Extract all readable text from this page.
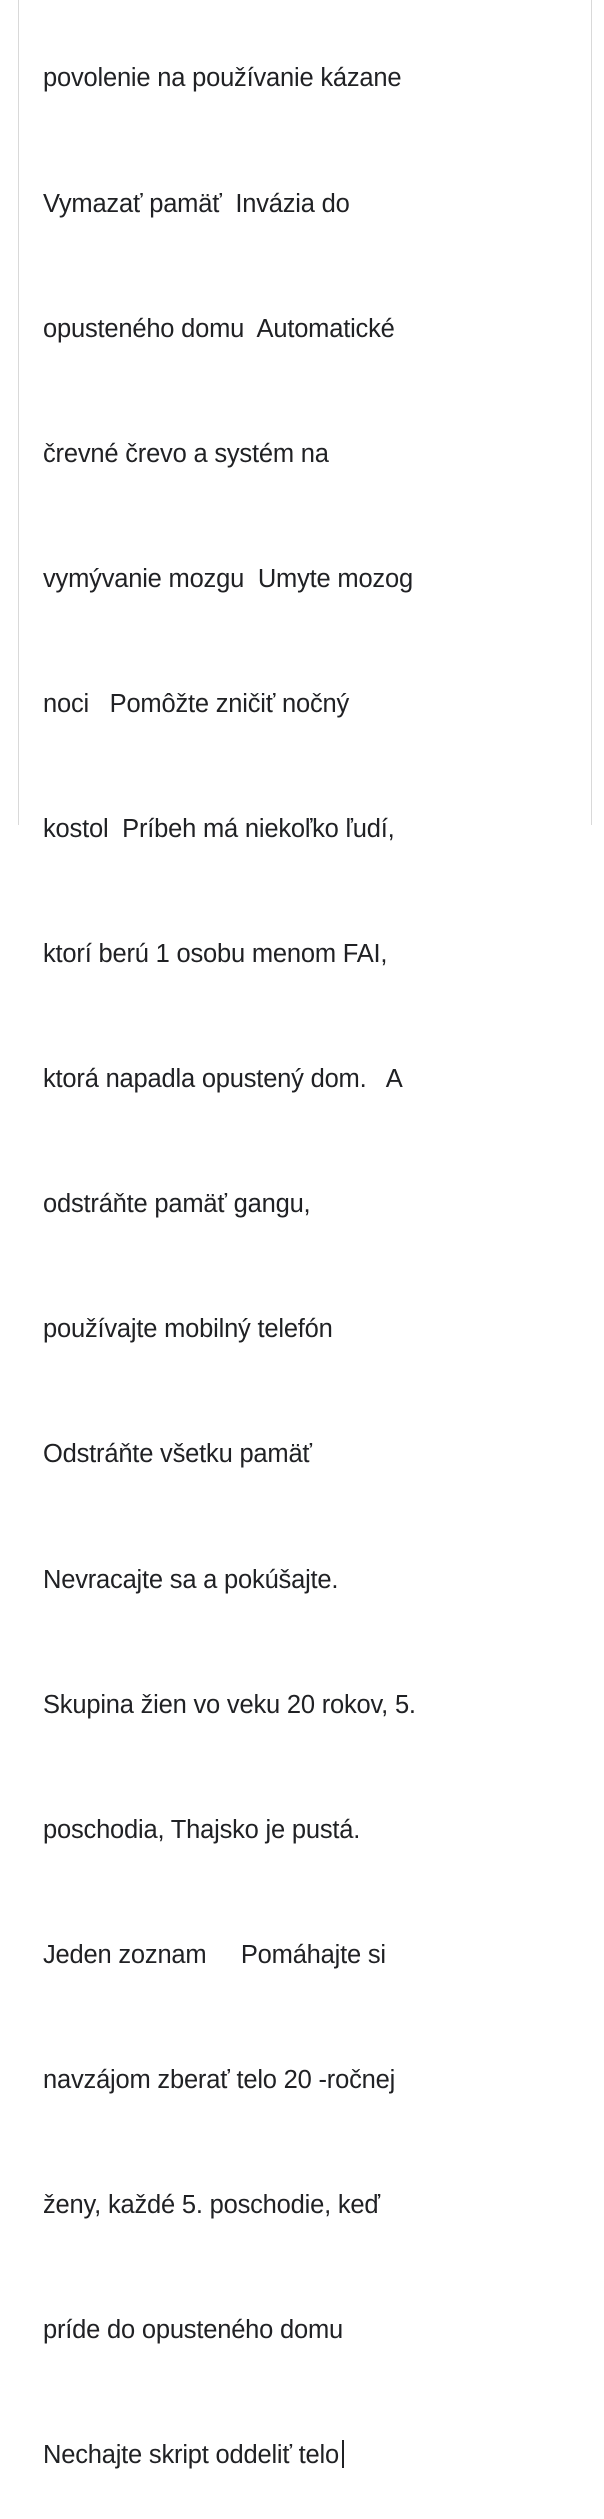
povolenie na používanie kázane

Vymazať pamäť  Invázia do

opusteného domu  Automatické

črevné črevo a systém na

vymývanie mozgu  Umyte mozog

noci   Pomôžte zničiť nočný

kostol  Príbeh má niekoľko ľudí,

ktorí berú 1 osobu menom FAI,

ktorá napadla opustený dom.   A

odstráňte pamäť gangu,

používajte mobilný telefón

Odstráňte všetku pamäť

Nevracajte sa a pokúšajte.

Skupina žien vo veku 20 rokov, 5.

poschodia, Thajsko je pustá.

Jeden zoznam     Pomáhajte si

navzájom zberať telo 20 -ročnej

ženy, každé 5. poschodie, keď

príde do opusteného domu

Nechajte skript oddeliť telo
